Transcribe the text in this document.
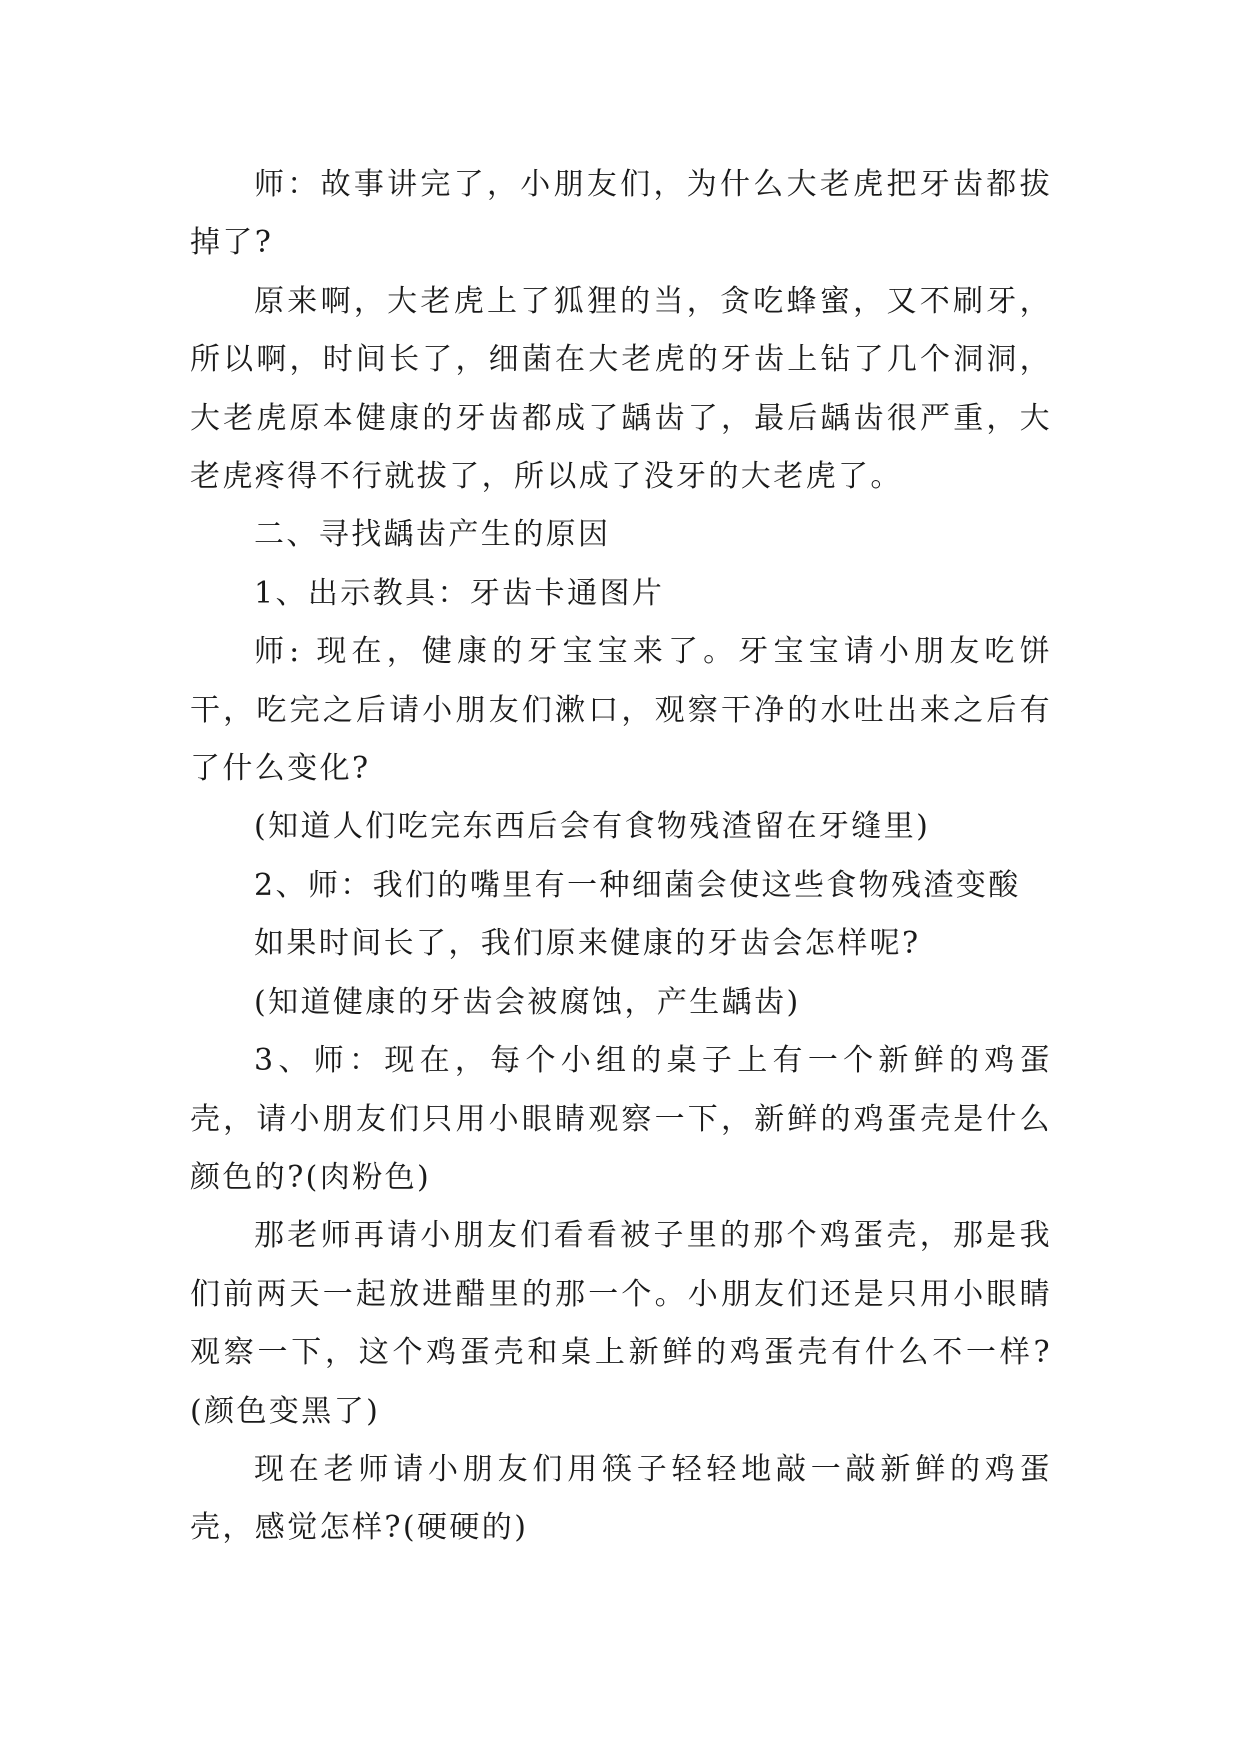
师：故事讲完了，小朋友们，为什么大老虎把牙齿都拔掉了?

原来啊，大老虎上了狐狸的当，贪吃蜂蜜，又不刷牙，所以啊，时间长了，细菌在大老虎的牙齿上钻了几个洞洞，大老虎原本健康的牙齿都成了龋齿了，最后龋齿很严重，大老虎疼得不行就拔了，所以成了没牙的大老虎了。

二、寻找龋齿产生的原因

1、出示教具：牙齿卡通图片

师: 现在，健康的牙宝宝来了。牙宝宝请小朋友吃饼干，吃完之后请小朋友们漱口，观察干净的水吐出来之后有了什么变化?

(知道人们吃完东西后会有食物残渣留在牙缝里)

2、师：我们的嘴里有一种细菌会使这些食物残渣变酸

如果时间长了，我们原来健康的牙齿会怎样呢?

(知道健康的牙齿会被腐蚀，产生龋齿)

3、师：现在，每个小组的桌子上有一个新鲜的鸡蛋壳，请小朋友们只用小眼睛观察一下，新鲜的鸡蛋壳是什么颜色的?(肉粉色)

那老师再请小朋友们看看被子里的那个鸡蛋壳，那是我们前两天一起放进醋里的那一个。小朋友们还是只用小眼睛观察一下，这个鸡蛋壳和桌上新鲜的鸡蛋壳有什么不一样?(颜色变黑了)

现在老师请小朋友们用筷子轻轻地敲一敲新鲜的鸡蛋壳，感觉怎样?(硬硬的)
